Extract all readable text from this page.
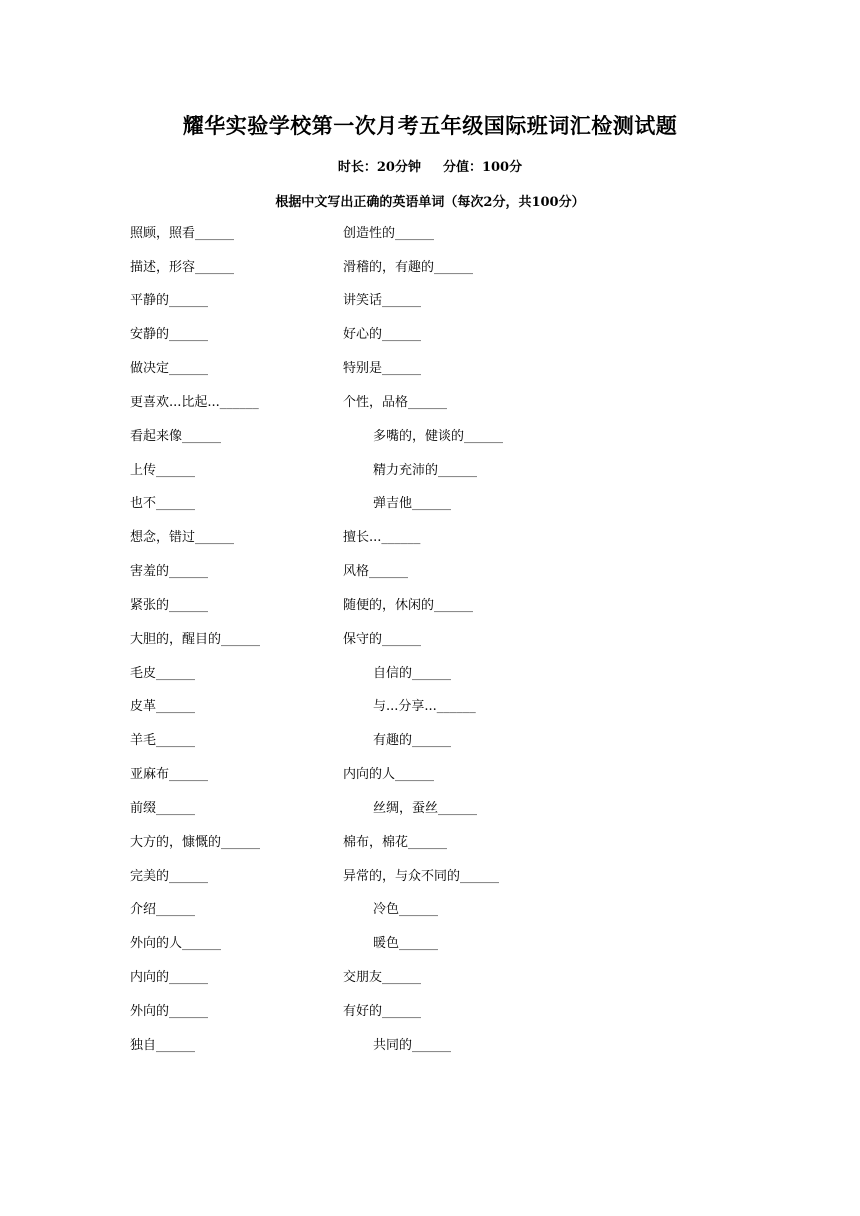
耀华实验学校第一次月考五年级国际班词汇检测试题
时长：20分钟 分值：100分
根据中文写出正确的英语单词（每次2分，共100分）
照顾，照看______
描述，形容______
平静的______
安静的______
做决定______
更喜欢...比起...______
看起来像______
上传______
也不______
想念，错过______
害羞的______
紧张的______
大胆的，醒目的______
毛皮______
皮革______
羊毛______
亚麻布______
前缀______
大方的，慷慨的______
完美的______
介绍______
外向的人______
内向的______
外向的______
独自______
创造性的______
滑稽的，有趣的______
讲笑话______
好心的______
特别是______
个性，品格______
多嘴的，健谈的______
精力充沛的______
弹吉他______
擅长...______
风格______
随便的，休闲的______
保守的______
自信的______
与...分享...______
有趣的______
内向的人______
丝绸，蚕丝______
棉布，棉花______
异常的，与众不同的______
冷色______
暖色______
交朋友______
有好的______
共同的______
